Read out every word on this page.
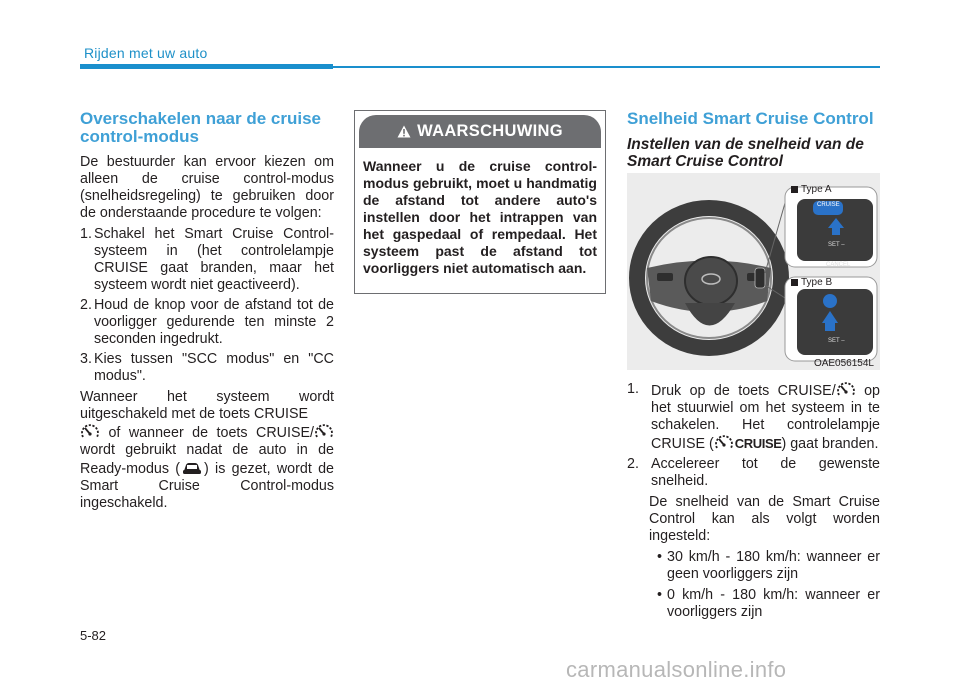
Rijden met uw auto
Overschakelen naar de cruise control-modus

De bestuurder kan ervoor kiezen om alleen de cruise control-modus (snelheidsregeling) te gebruiken door de onderstaande procedure te volgen:

1. Schakel het Smart Cruise Control-systeem in (het controlelampje CRUISE gaat branden, maar het systeem wordt niet geactiveerd).
2. Houd de knop voor de afstand tot de voorligger gedurende ten minste 2 seconden ingedrukt.
3. Kies tussen "SCC modus" en "CC modus".

Wanneer het systeem wordt uitgeschakeld met de toets CRUISE
of wanneer de toets CRUISE/ wordt gebruikt nadat de auto in de Ready-modus ( ) is gezet, wordt de Smart Cruise Control-modus ingeschakeld.

WAARSCHUWING
Wanneer u de cruise control-modus gebruikt, moet u handmatig de afstand tot andere auto's instellen door het intrappen van het gaspedaal of rempedaal. Het systeem past de afstand tot voorliggers niet automatisch aan.
Snelheid Smart Cruise Control
Instellen van de snelheid van de Smart Cruise Control
Type A
Type B
CRUISE
SET –
CANCEL
SET –
OAE056154L
1. Druk op de toets CRUISE/ op het stuurwiel om het systeem in te schakelen. Het controlelampje CRUISE ( CRUISE ) gaat branden.
2. Accelereer tot de gewenste snelheid.

De snelheid van de Smart Cruise Control kan als volgt worden ingesteld:

• 30 km/h - 180 km/h: wanneer er geen voorliggers zijn
• 0 km/h - 180 km/h: wanneer er voorliggers zijn
5-82
carmanualsonline.info
